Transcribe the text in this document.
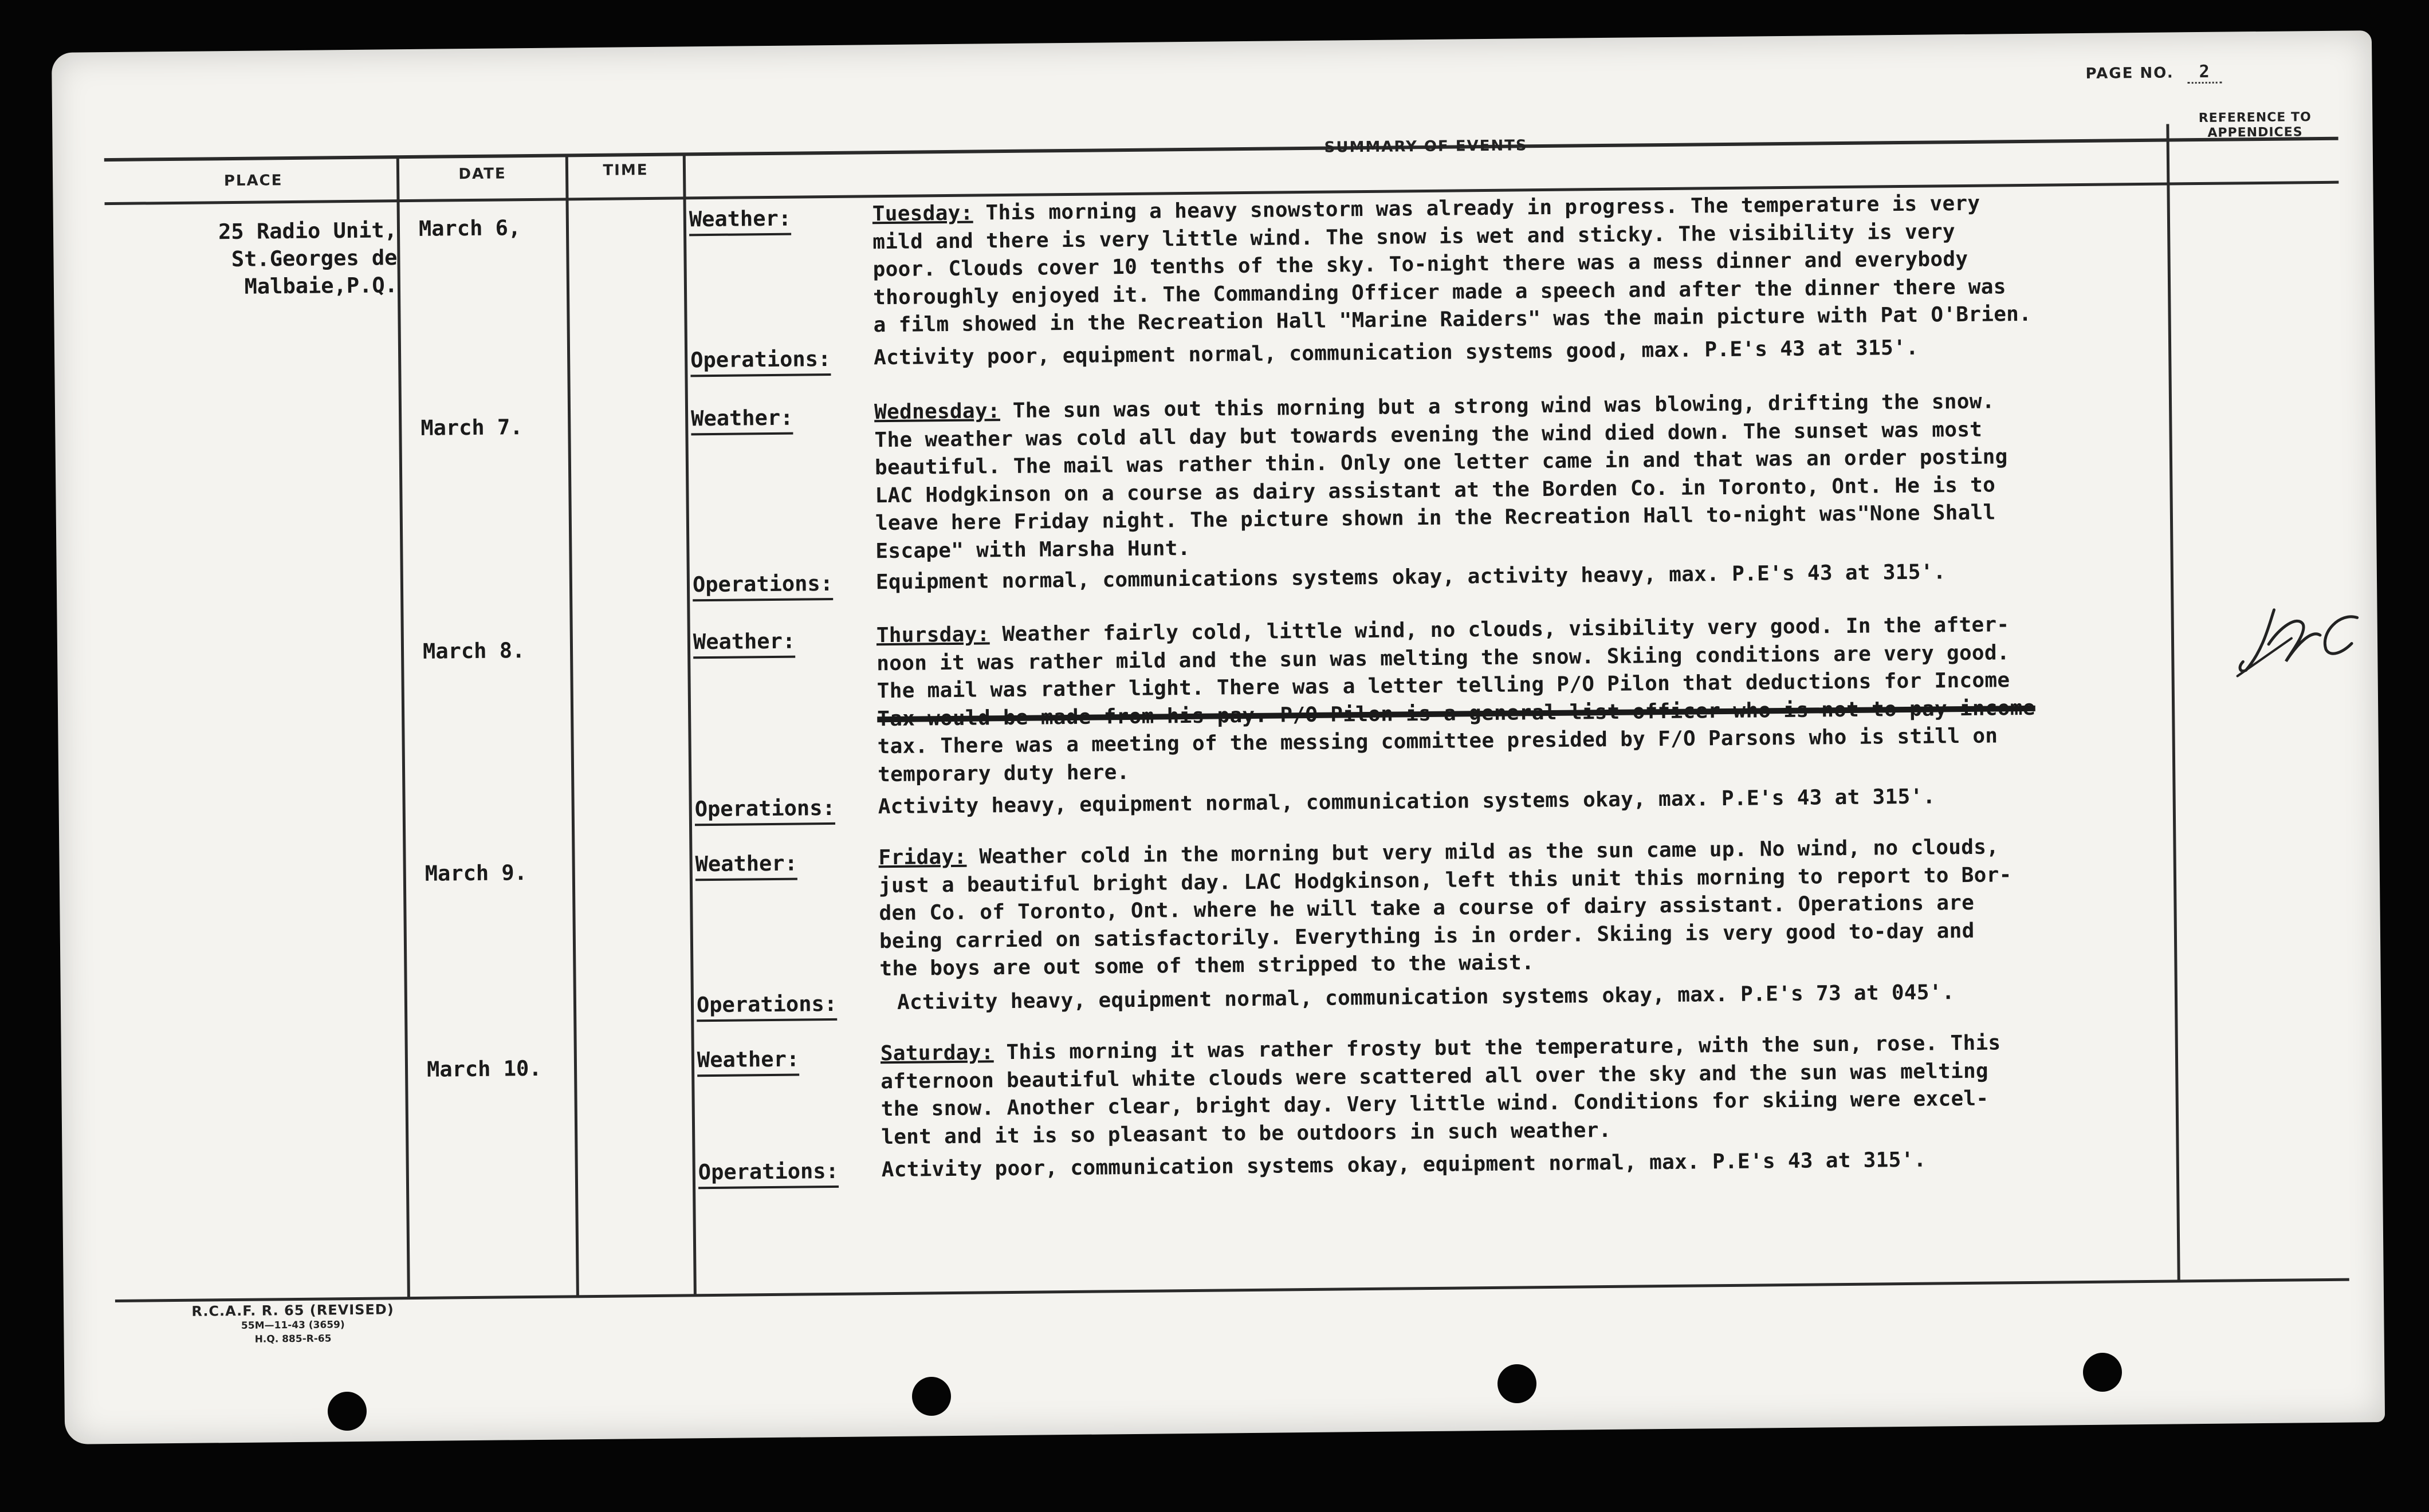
PAGE NO. 2
PLACE	DATE	TIME
SUMMARY OF EVENTS
REFERENCE TO APPENDICES
25 Radio Unit,
St.Georges de
Malbaie,P.Q.
March 6,	Weather:	Tuesday: This morning a heavy snowstorm was already in progress. The temperature is very
mild and there is very little wind. The snow is wet and sticky. The visibility is very
poor. Clouds cover 10 tenths of the sky. To-night there was a mess dinner and everybody
thoroughly enjoyed it. The Commanding Officer made a speech and after the dinner there was
a film showed in the Recreation Hall "Marine Raiders" was the main picture with Pat O'Brien.
Operations: Activity poor, equipment normal, communication systems good, max. P.E's 43 at 315'.
March 7.	Weather:	Wednesday: The sun was out this morning but a strong wind was blowing, drifting the snow.
The weather was cold all day but towards evening the wind died down. The sunset was most
beautiful. The mail was rather thin. Only one letter came in and that was an order posting
LAC Hodgkinson on a course as dairy assistant at the Borden Co. in Toronto, Ont. He is to
leave here Friday night. The picture shown in the Recreation Hall to-night was"None Shall
Escape" with Marsha Hunt.
Operations: Equipment normal, communications systems okay, activity heavy, max. P.E's 43 at 315'.
March 8.	Weather:	Thursday: Weather fairly cold, little wind, no clouds, visibility very good. In the after-
noon it was rather mild and the sun was melting the snow. Skiing conditions are very good.
The mail was rather light. There was a letter telling P/O Pilon that deductions for Income
Tax would be made from his pay. P/O Pilon is a general list officer who is not to pay income
tax. There was a meeting of the messing committee presided by F/O Parsons who is still on
temporary duty here.
Operations: Activity heavy, equipment normal, communication systems okay, max. P.E's 43 at 315'.
March 9.	Weather:	Friday: Weather cold in the morning but very mild as the sun came up. No wind, no clouds,
just a beautiful bright day. LAC Hodgkinson, left this unit this morning to report to Bor-
den Co. of Toronto, Ont. where he will take a course of dairy assistant. Operations are
being carried on satisfactorily. Everything is in order. Skiing is very good to-day and
the boys are out some of them stripped to the waist.
Operations:	Activity heavy, equipment normal, communication systems okay, max. P.E's 73 at 045'.
March 10.	Weather:	Saturday: This morning it was rather frosty but the temperature, with the sun, rose. This
afternoon beautiful white clouds were scattered all over the sky and the sun was melting
the snow. Another clear, bright day. Very little wind. Conditions for skiing were excel-
lent and it is so pleasant to be outdoors in such weather.
Operations: Activity poor, communication systems okay, equipment normal, max. P.E's 43 at 315'.
R.C.A.F. R. 65 (REVISED)
55M—11-43 (3659)
H.Q. 885-R-65
